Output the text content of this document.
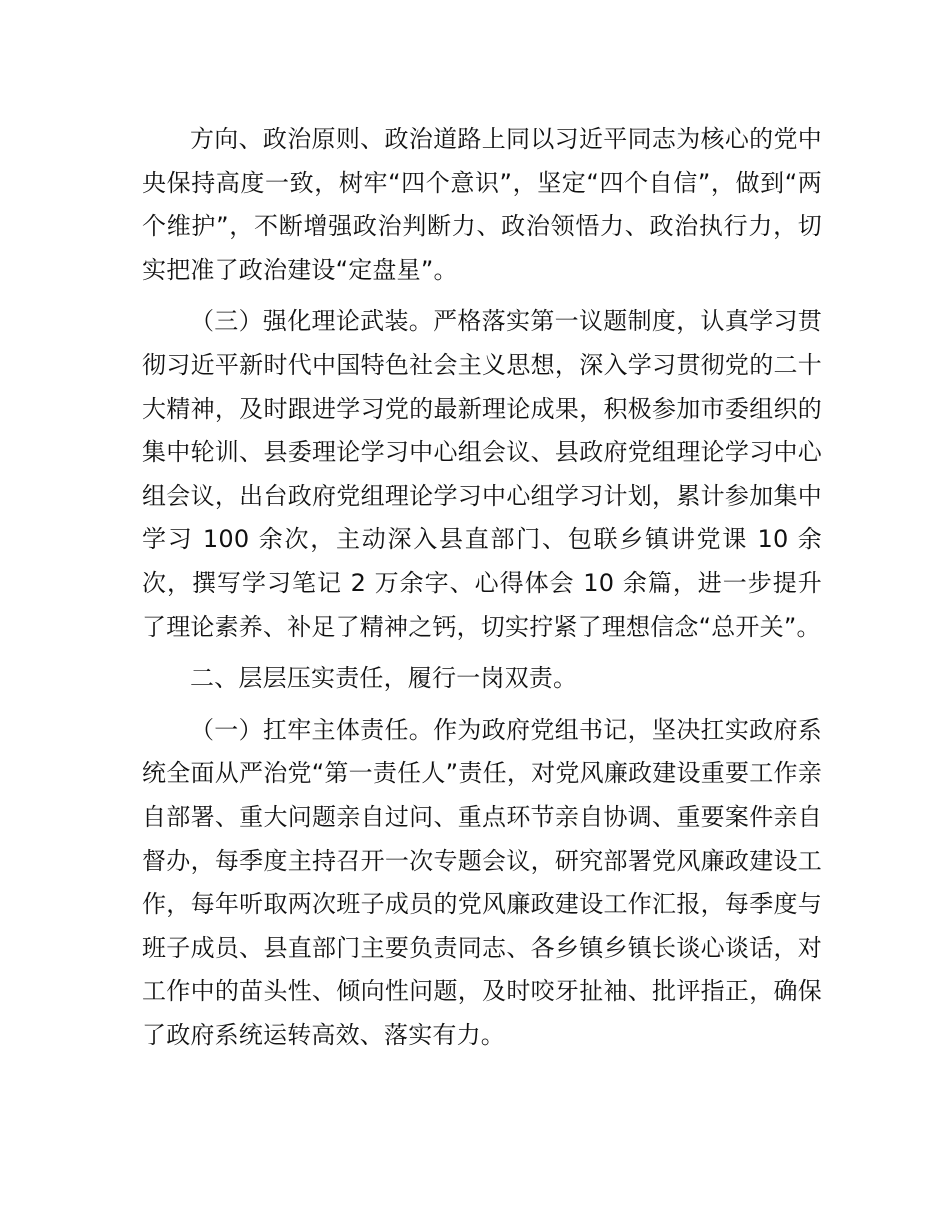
方向、政治原则、政治道路上同以习近平同志为核心的党中央保持高度一致，树牢“四个意识”，坚定“四个自信”，做到“两个维护”，不断增强政治判断力、政治领悟力、政治执行力，切实把准了政治建设“定盘星”。

（三）强化理论武装。严格落实第一议题制度，认真学习贯彻习近平新时代中国特色社会主义思想，深入学习贯彻党的二十大精神，及时跟进学习党的最新理论成果，积极参加市委组织的集中轮训、县委理论学习中心组会议、县政府党组理论学习中心组会议，出台政府党组理论学习中心组学习计划，累计参加集中学习 100 余次，主动深入县直部门、包联乡镇讲党课 10 余次，撰写学习笔记 2 万余字、心得体会 10 余篇，进一步提升了理论素养、补足了精神之钙，切实拧紧了理想信念“总开关”。

二、层层压实责任，履行一岗双责。

（一）扛牢主体责任。作为政府党组书记，坚决扛实政府系统全面从严治党“第一责任人”责任，对党风廉政建设重要工作亲自部署、重大问题亲自过问、重点环节亲自协调、重要案件亲自督办，每季度主持召开一次专题会议，研究部署党风廉政建设工作，每年听取两次班子成员的党风廉政建设工作汇报，每季度与班子成员、县直部门主要负责同志、各乡镇乡镇长谈心谈话，对工作中的苗头性、倾向性问题，及时咬牙扯袖、批评指正，确保了政府系统运转高效、落实有力。
